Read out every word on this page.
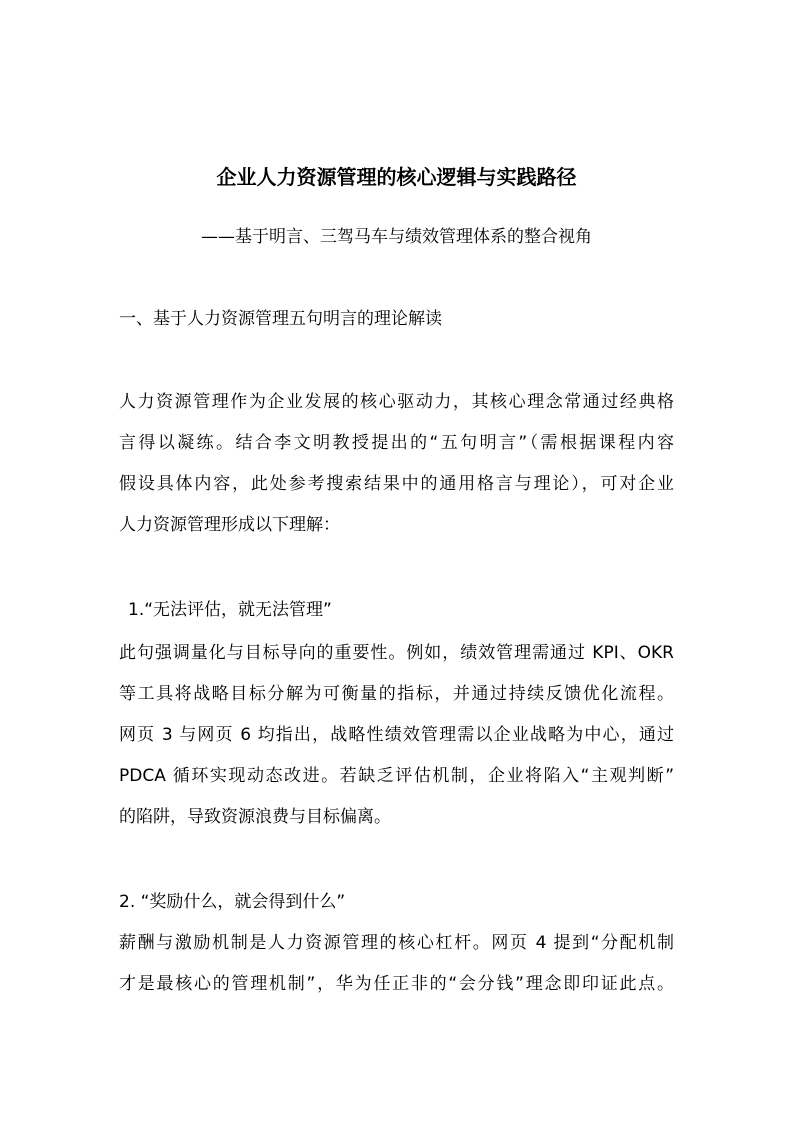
企业人力资源管理的核心逻辑与实践路径
——基于明言、三驾马车与绩效管理体系的整合视角
一、基于人力资源管理五句明言的理论解读
人力资源管理作为企业发展的核心驱动力，其核心理念常通过经典格
言得以凝练。结合李文明教授提出的“五句明言”（需根据课程内容
假设具体内容，此处参考搜索结果中的通用格言与理论），可对企业
人力资源管理形成以下理解：
1.“无法评估，就无法管理”
此句强调量化与目标导向的重要性。例如，绩效管理需通过 KPI、OKR
等工具将战略目标分解为可衡量的指标，并通过持续反馈优化流程。
网页 3 与网页 6 均指出，战略性绩效管理需以企业战略为中心，通过
PDCA 循环实现动态改进。若缺乏评估机制，企业将陷入“主观判断”
的陷阱，导致资源浪费与目标偏离。
2. “奖励什么，就会得到什么”
薪酬与激励机制是人力资源管理的核心杠杆。网页 4 提到“分配机制
才是最核心的管理机制”，华为任正非的“会分钱”理念即印证此点。
